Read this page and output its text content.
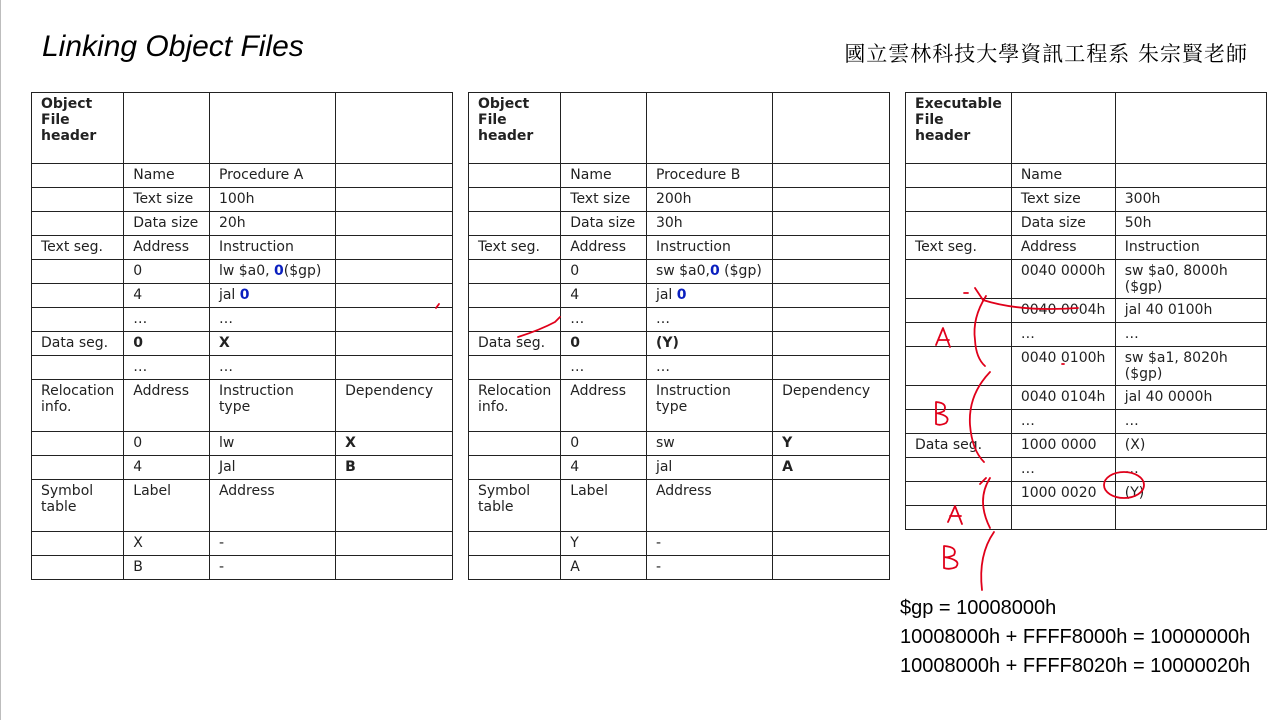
Linking Object Files	國立雲林科技大學資訊工程系 朱宗賢老師
Object File header			
	Name	Procedure A	
	Text size	100h	
	Data size	20h	
Text seg.	Address	Instruction	
	0	lw $a0, 0($gp)	
	4	jal 0	
	…	…	
Data seg.	0	X	
	…	…	
Relocation info.	Address	Instruction type	Dependency
	0	lw	X
	4	Jal	B
Symbol table	Label	Address	
	X	-	
	B	-	
Object File header			
	Name	Procedure B	
	Text size	200h	
	Data size	30h	
Text seg.	Address	Instruction	
	0	sw $a0,0 ($gp)	
	4	jal 0	
	…	…	
Data seg.	0	(Y)	
	…	…	
Relocation info.	Address	Instruction type	Dependency
	0	sw	Y
	4	jal	A
Symbol table	Label	Address	
	Y	-	
	A	-	
Executable File header		
	Name	
	Text size	300h
	Data size	50h
Text seg.	Address	Instruction
	0040 0000h	sw $a0, 8000h ($gp)
	0040 0004h	jal 40 0100h
	…	…
	0040 0100h	sw $a1, 8020h ($gp)
	0040 0104h	jal 40 0000h
	…	…
Data seg.	1000 0000	(X)
	…	…
	1000 0020	(Y)

$gp = 10008000h
10008000h + FFFF8000h = 10000000h
10008000h + FFFF8020h = 10000020h
